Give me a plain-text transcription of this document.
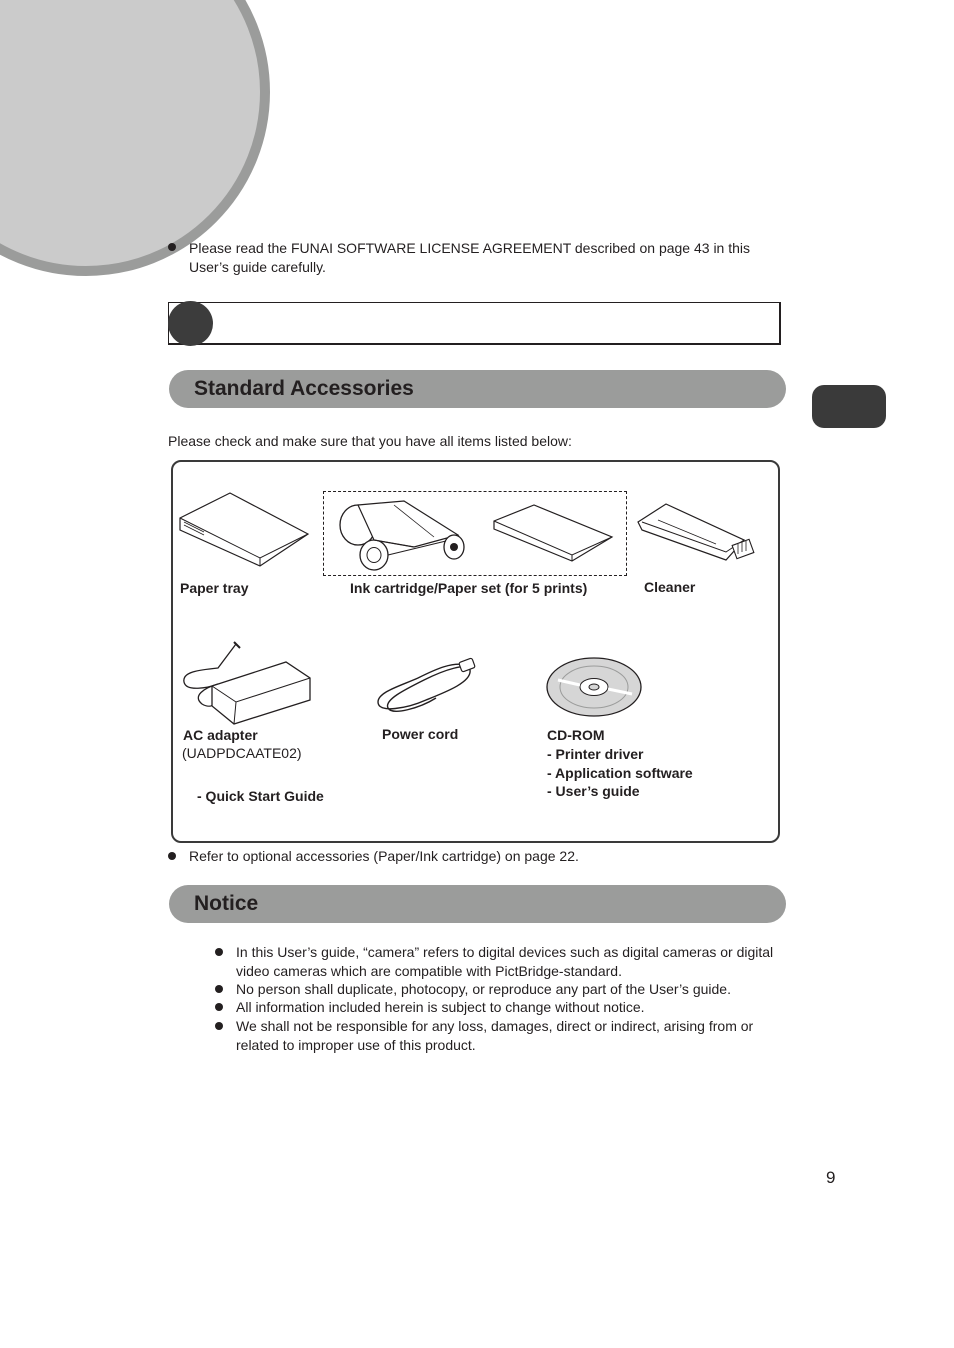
Please read the FUNAI SOFTWARE LICENSE AGREEMENT described on page 43 in this User’s guide carefully.
Standard Accessories
Please check and make sure that you have all items listed below:
Paper tray	Ink cartridge/Paper set (for 5 prints)	Cleaner
AC adapter
(UADPDCAATE02)
- Quick Start Guide
Power cord	CD-ROM
- Printer driver
- Application software
- User’s guide
Refer to optional accessories (Paper/Ink cartridge) on page 22.
Notice
In this User’s guide, “camera” refers to digital devices such as digital cameras or digital video cameras which are compatible with PictBridge-standard.
No person shall duplicate, photocopy, or reproduce any part of the User’s guide.
All information included herein is subject to change without notice.
We shall not be responsible for any loss, damages, direct or indirect, arising from or related to improper use of this product.
9
